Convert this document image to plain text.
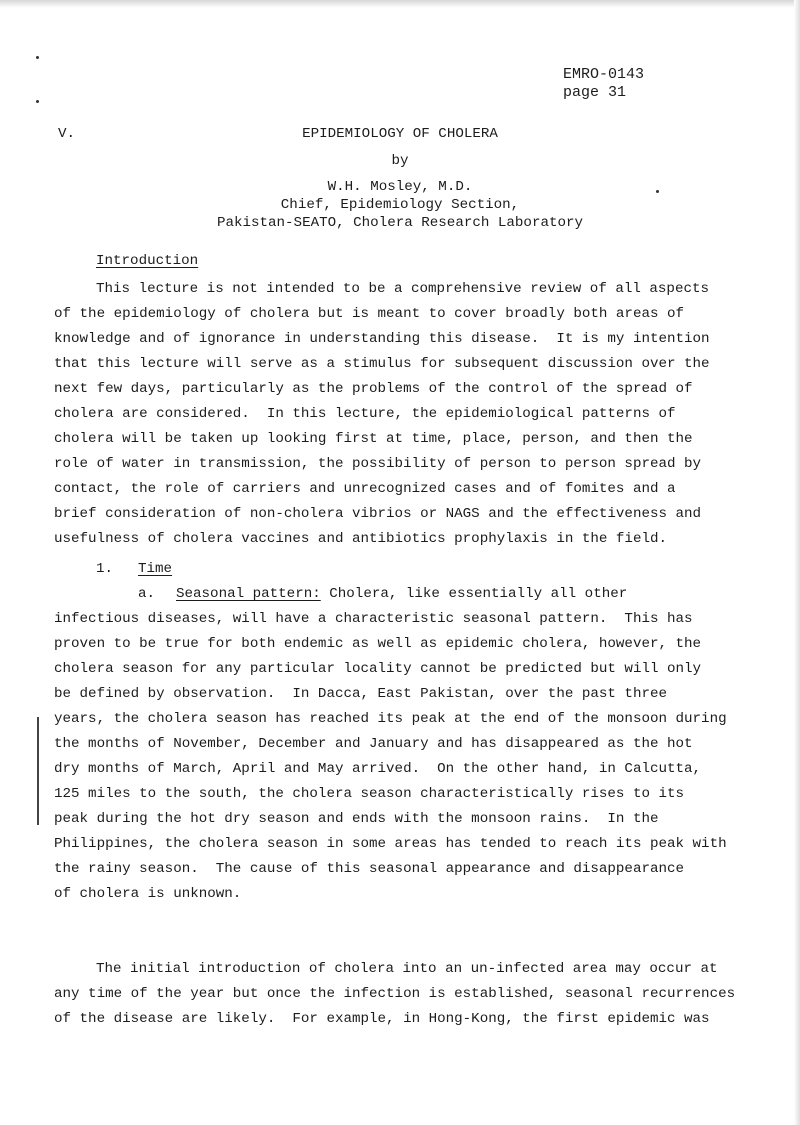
EMRO-0143
page 31
V.	EPIDEMIOLOGY OF CHOLERA
by
W.H. Mosley, M.D.
Chief, Epidemiology Section,
Pakistan-SEATO, Cholera Research Laboratory
Introduction
This lecture is not intended to be a comprehensive review of all aspects
of the epidemiology of cholera but is meant to cover broadly both areas of
knowledge and of ignorance in understanding this disease.  It is my intention
that this lecture will serve as a stimulus for subsequent discussion over the
next few days, particularly as the problems of the control of the spread of
cholera are considered.  In this lecture, the epidemiological patterns of
cholera will be taken up looking first at time, place, person, and then the
role of water in transmission, the possibility of person to person spread by
contact, the role of carriers and unrecognized cases and of fomites and a
brief consideration of non-cholera vibrios or NAGS and the effectiveness and
usefulness of cholera vaccines and antibiotics prophylaxis in the field.
1. Time
a. Seasonal pattern: Cholera, like essentially all other
infectious diseases, will have a characteristic seasonal pattern.  This has
proven to be true for both endemic as well as epidemic cholera, however, the
cholera season for any particular locality cannot be predicted but will only
be defined by observation.  In Dacca, East Pakistan, over the past three
years, the cholera season has reached its peak at the end of the monsoon during
the months of November, December and January and has disappeared as the hot
dry months of March, April and May arrived.  On the other hand, in Calcutta,
125 miles to the south, the cholera season characteristically rises to its
peak during the hot dry season and ends with the monsoon rains.  In the
Philippines, the cholera season in some areas has tended to reach its peak with
the rainy season.  The cause of this seasonal appearance and disappearance
of cholera is unknown.
The initial introduction of cholera into an un-infected area may occur at
any time of the year but once the infection is established, seasonal recurrences
of the disease are likely.  For example, in Hong-Kong, the first epidemic was
